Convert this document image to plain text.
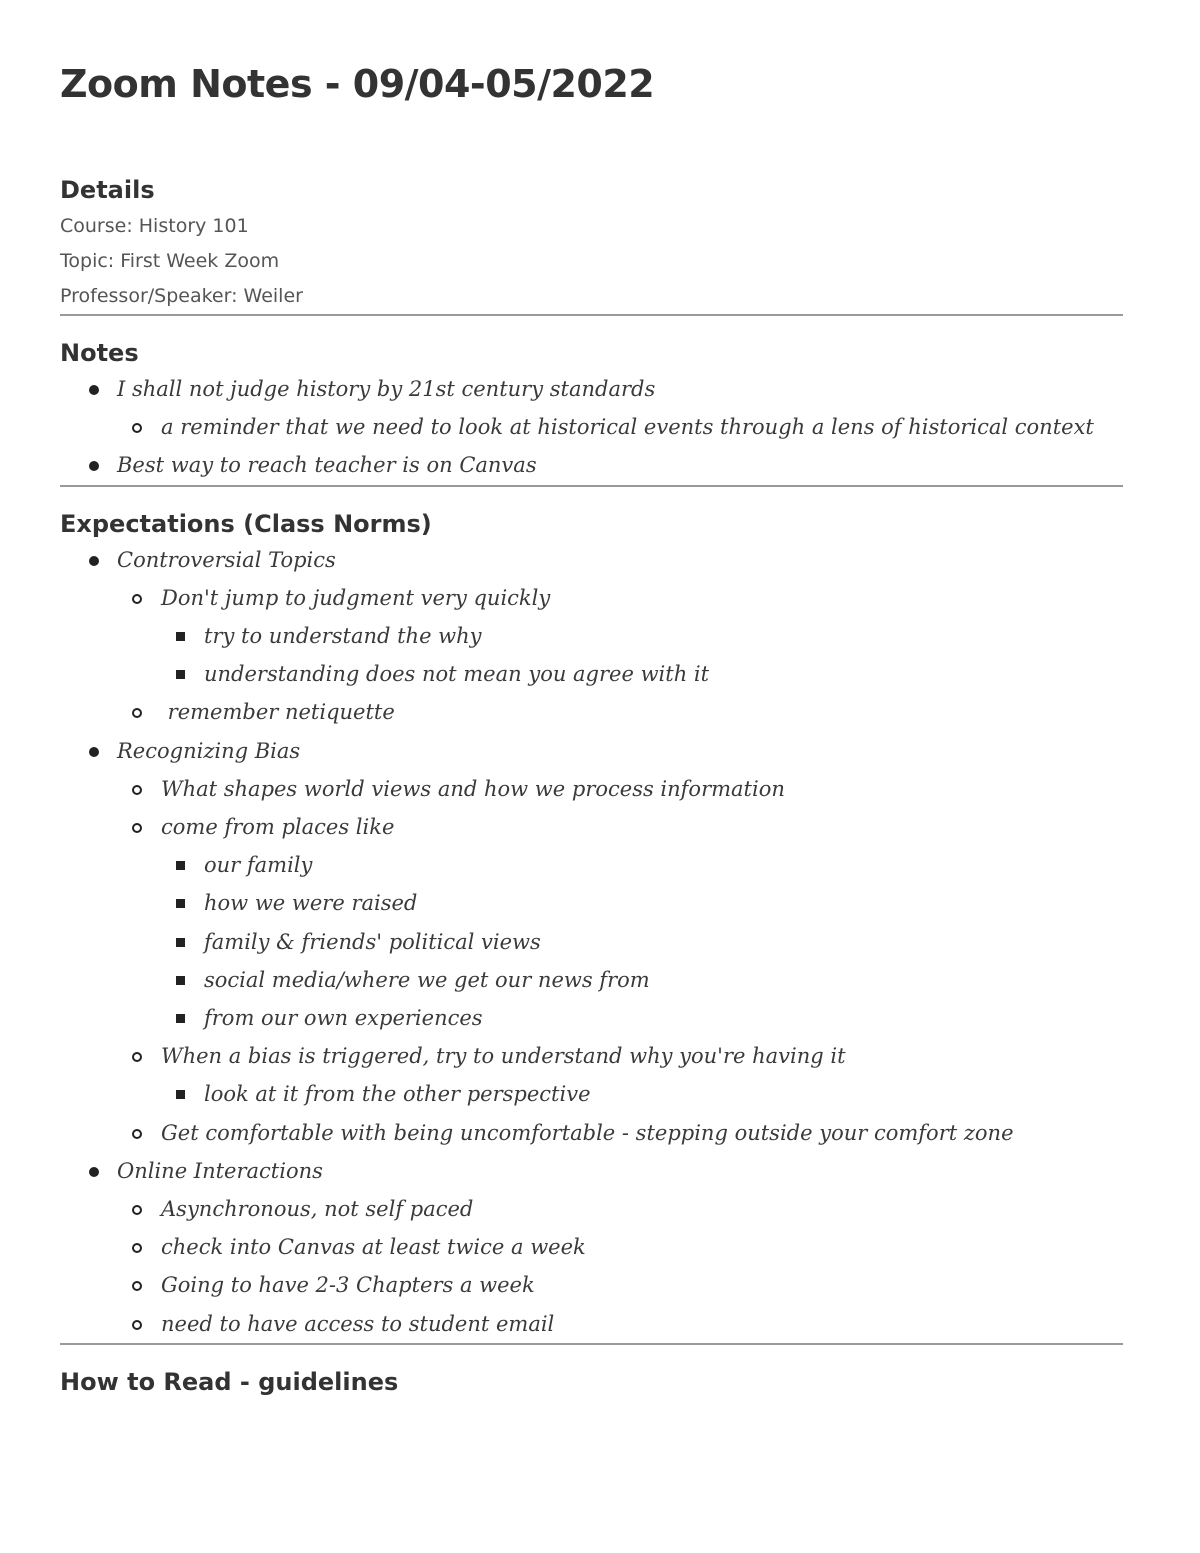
Zoom Notes - 09/04-05/2022
Details
Course: History 101
Topic: First Week Zoom
Professor/Speaker: Weiler
Notes
I shall not judge history by 21st century standards
a reminder that we need to look at historical events through a lens of historical context
Best way to reach teacher is on Canvas
Expectations (Class Norms)
Controversial Topics
Don't jump to judgment very quickly
try to understand the why
understanding does not mean you agree with it
remember netiquette
Recognizing Bias
What shapes world views and how we process information
come from places like
our family
how we were raised
family & friends' political views
social media/where we get our news from
from our own experiences
When a bias is triggered, try to understand why you're having it
look at it from the other perspective
Get comfortable with being uncomfortable - stepping outside your comfort zone
Online Interactions
Asynchronous, not self paced
check into Canvas at least twice a week
Going to have 2-3 Chapters a week
need to have access to student email
How to Read - guidelines
